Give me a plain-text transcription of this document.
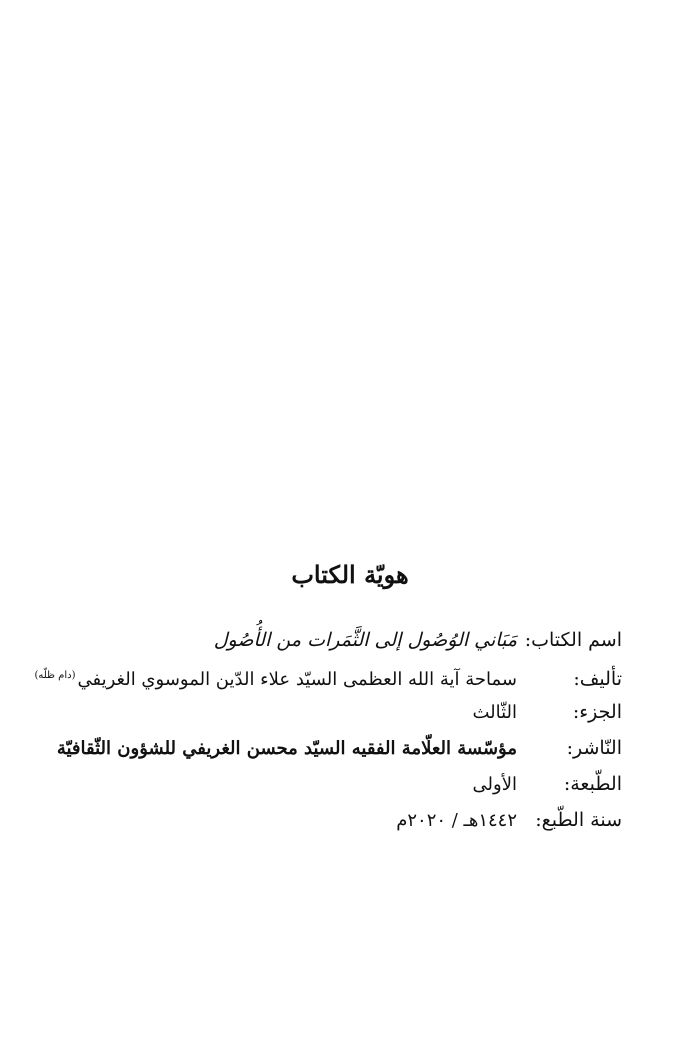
هويّة الكتاب
اسم الكتاب:
مَبَاني الوُصُول إلى الثَّمَرات من الأُصُول
تأليف:
سماحة آية الله العظمى السيّد علاء الدّين الموسوي الغريفي$^{(دام ظلّه)}$
الجزء:
الثّالث
النّاشر:
مؤسّسة العلّامة الفقيه السيّد محسن الغريفي للشؤون الثّقافيّة
الطّبعة:
الأولى
سنة الطّبع:
١٤٤٢هـ / ٢٠٢٠م
